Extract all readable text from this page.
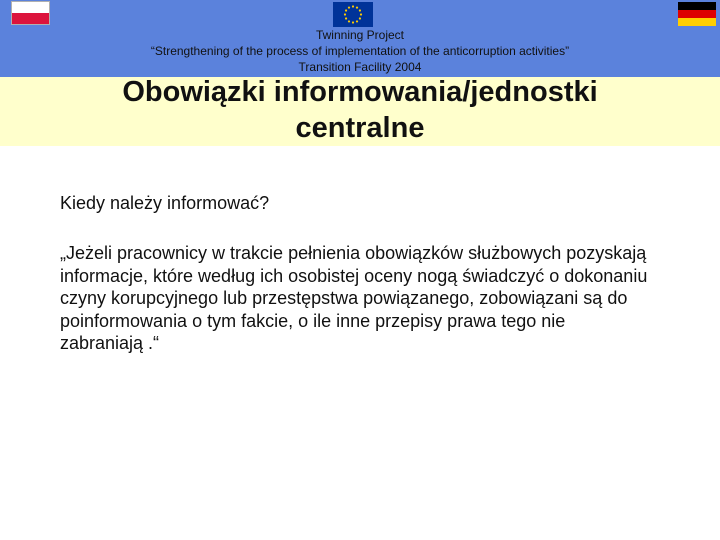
Twinning Project
“Strengthening of the process of implementation of the anticorruption activities”
Transition Facility 2004
Obowiązki informowania/jednostki
centralne
Kiedy należy informować?
„Jeżeli pracownicy w trakcie pełnienia obowiązków służbowych pozyskają
informacje, które według ich osobistej oceny nogą świadczyć o dokonaniu
czyny korupcyjnego lub przestępstwa powiązanego, zobowiązani są do
poinformowania o tym fakcie, o ile inne przepisy prawa tego nie
zabraniają .“
